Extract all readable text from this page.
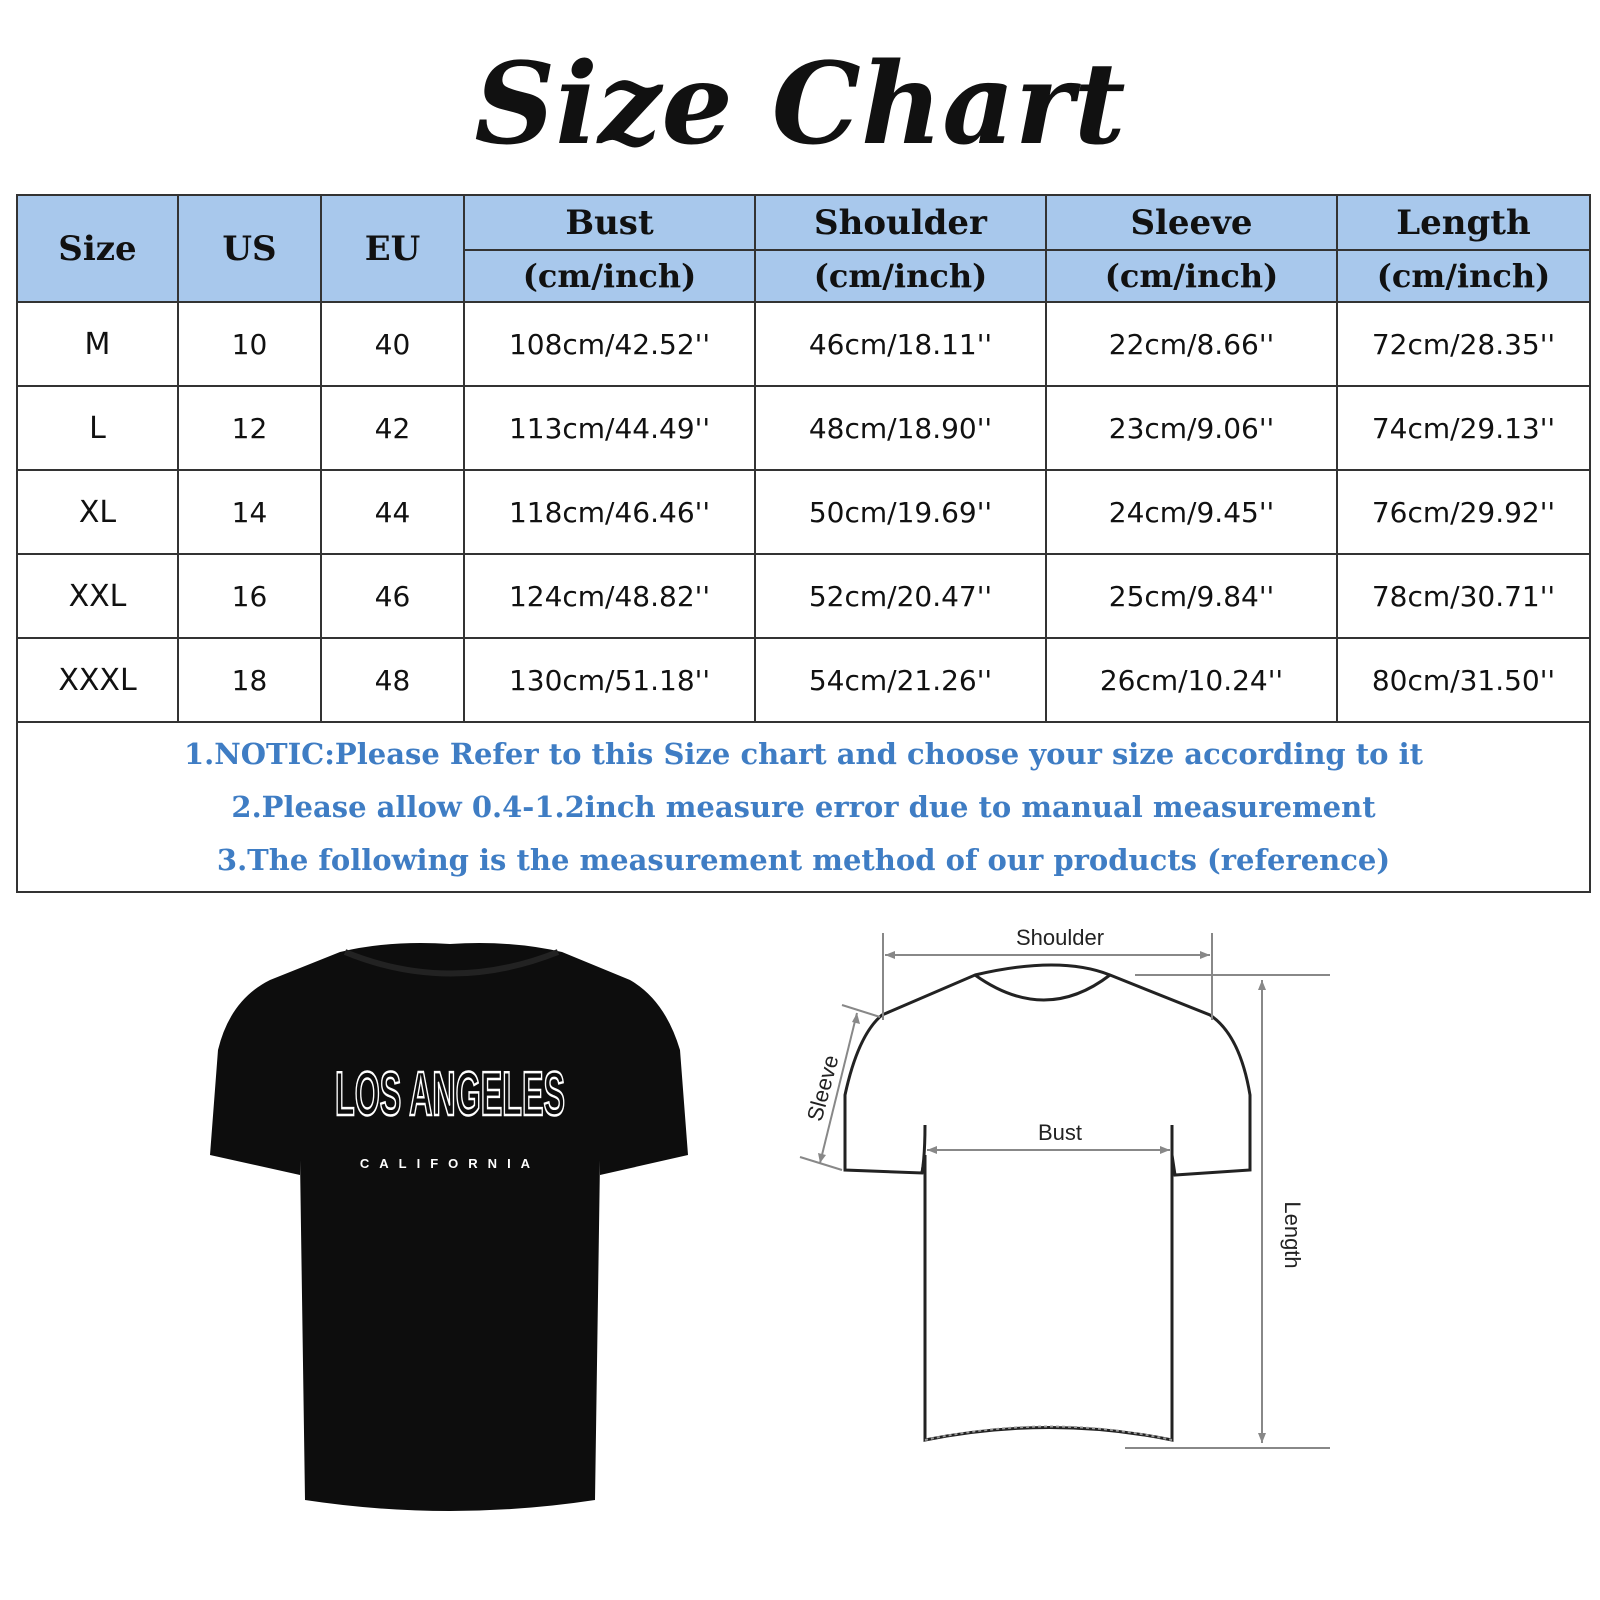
Size Chart
Size	US	EU	Bust	Shoulder	Sleeve	Length
			(cm/inch)	(cm/inch)	(cm/inch)	(cm/inch)
M	10	40	108cm/42.52''	46cm/18.11''	22cm/8.66''	72cm/28.35''
L	12	42	113cm/44.49''	48cm/18.90''	23cm/9.06''	74cm/29.13''
XL	14	44	118cm/46.46''	50cm/19.69''	24cm/9.45''	76cm/29.92''
XXL	16	46	124cm/48.82''	52cm/20.47''	25cm/9.84''	78cm/30.71''
XXXL	18	48	130cm/51.18''	54cm/21.26''	26cm/10.24''	80cm/31.50''

1.NOTIC:Please Refer to this Size chart and choose your size according to it
2.Please allow 0.4-1.2inch measure error due to manual measurement
3.The following is the measurement method of our products (reference)						
LOS ANGELES
CALIFORNIA
Shoulder
Bust
Sleeve
Length
